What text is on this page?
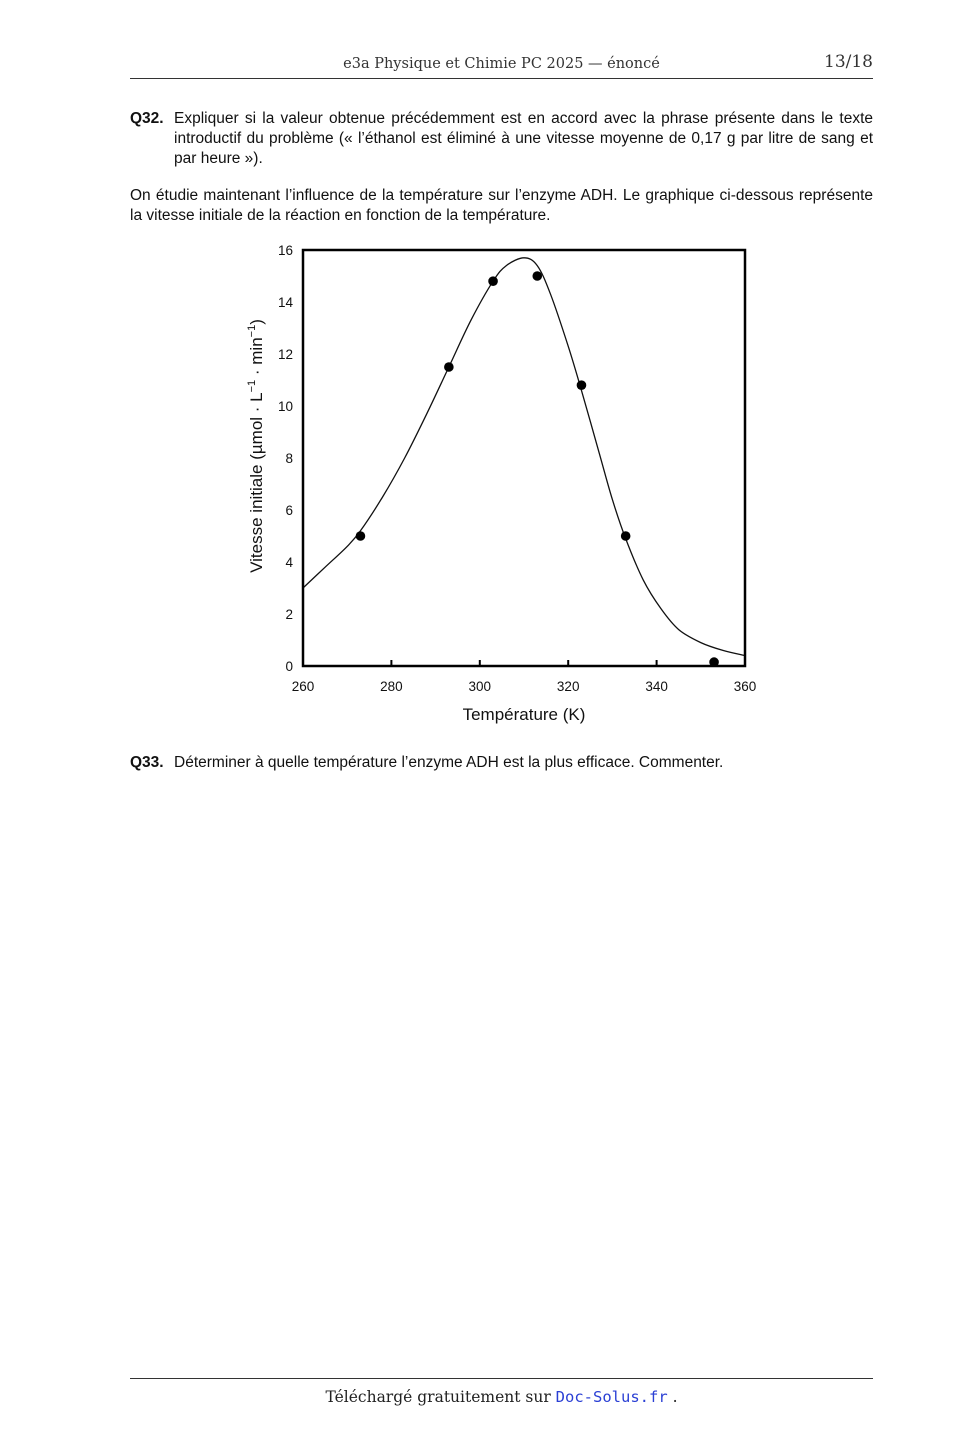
e3a Physique et Chimie PC 2025 — énoncé	13/18
Q32. Expliquer si la valeur obtenue précédemment est en accord avec la phrase présente dans le texte introductif du problème (« l’éthanol est éliminé à une vitesse moyenne de 0,17 g par litre de sang et par heure »).
On étudie maintenant l’influence de la température sur l’enzyme ADH. Le graphique ci-dessous représente la vitesse initiale de la réaction en fonction de la température.
260	280	300	320	340	360
0
2
4
6
8
10
12
14
16
Température (K)
Vitesse initiale $(\mu mol \cdot L^{-1} \cdot \min^{-1})$
Q33. Déterminer à quelle température l’enzyme ADH est la plus efficace. Commenter.
Téléchargé gratuitement sur Doc-Solus.fr .
